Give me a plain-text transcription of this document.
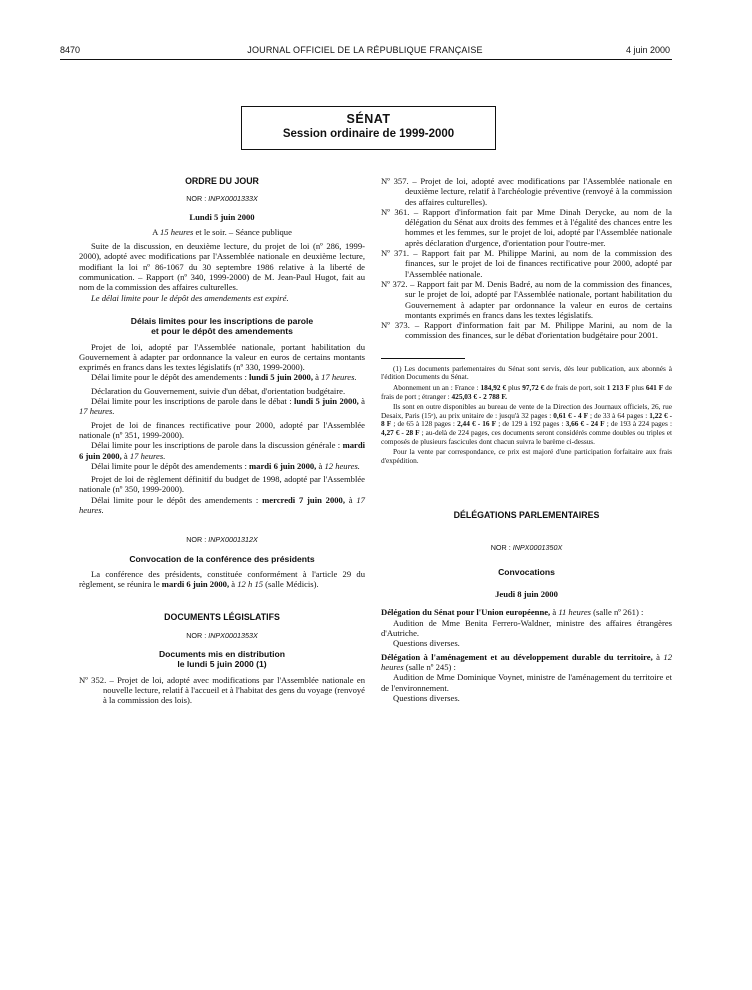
8470	JOURNAL OFFICIEL DE LA RÉPUBLIQUE FRANÇAISE	4 juin 2000
SÉNAT
Session ordinaire de 1999-2000

ORDRE DU JOUR

NOR : INPX0001333X

Lundi 5 juin 2000

A 15 heures et le soir. – Séance publique

Suite de la discussion, en deuxième lecture, du projet de loi (nº 286, 1999-2000), adopté avec modifications par l'Assemblée nationale en deuxième lecture, modifiant la loi nº 86-1067 du 30 septembre 1986 relative à la liberté de communication. – Rapport (nº 340, 1999-2000) de M. Jean-Paul Hugot, fait au nom de la commission des affaires culturelles.

Le délai limite pour le dépôt des amendements est expiré.

Délais limites pour les inscriptions de parole
et pour le dépôt des amendements

Projet de loi, adopté par l'Assemblée nationale, portant habilitation du Gouvernement à adapter par ordonnance la valeur en euros de certains montants exprimés en francs dans les textes législatifs (nº 330, 1999-2000).

Délai limite pour le dépôt des amendements : lundi 5 juin 2000, à 17 heures.

Déclaration du Gouvernement, suivie d'un débat, d'orientation budgétaire.

Délai limite pour les inscriptions de parole dans le débat : lundi 5 juin 2000, à 17 heures.

Projet de loi de finances rectificative pour 2000, adopté par l'Assemblée nationale (nº 351, 1999-2000).

Délai limite pour les inscriptions de parole dans la discussion générale : mardi 6 juin 2000, à 17 heures.

Délai limite pour le dépôt des amendements : mardi 6 juin 2000, à 12 heures.

Projet de loi de règlement définitif du budget de 1998, adopté par l'Assemblée nationale (nº 350, 1999-2000).

Délai limite pour le dépôt des amendements : mercredi 7 juin 2000, à 17 heures.

NOR : INPX0001312X

Convocation de la conférence des présidents

La conférence des présidents, constituée conformément à l'article 29 du règlement, se réunira le mardi 6 juin 2000, à 12 h 15 (salle Médicis).

DOCUMENTS LÉGISLATIFS

NOR : INPX0001353X

Documents mis en distribution
le lundi 5 juin 2000 (1)

Nº 352. – Projet de loi, adopté avec modifications par l'Assemblée nationale en nouvelle lecture, relatif à l'accueil et à l'habitat des gens du voyage (renvoyé à la commission des lois).

Nº 357. – Projet de loi, adopté avec modifications par l'Assemblée nationale en deuxième lecture, relatif à l'archéologie préventive (renvoyé à la commission des affaires culturelles).

Nº 361. – Rapport d'information fait par Mme Dinah Derycke, au nom de la délégation du Sénat aux droits des femmes et à l'égalité des chances entre les hommes et les femmes, sur le projet de loi, adopté par l'Assemblée nationale après déclaration d'urgence, d'orientation pour l'outre-mer.

Nº 371. – Rapport fait par M. Philippe Marini, au nom de la commission des finances, sur le projet de loi de finances rectificative pour 2000, adopté par l'Assemblée nationale.

Nº 372. – Rapport fait par M. Denis Badré, au nom de la commission des finances, sur le projet de loi, adopté par l'Assemblée nationale, portant habilitation du Gouvernement à adapter par ordonnance la valeur en euros de certains montants exprimés en francs dans les textes législatifs.

Nº 373. – Rapport d'information fait par M. Philippe Marini, au nom de la commission des finances, sur le débat d'orientation budgétaire pour 2001.

(1) Les documents parlementaires du Sénat sont servis, dès leur publication, aux abonnés à l'édition Documents du Sénat.

Abonnement un an : France : 184,92 € plus 97,72 € de frais de port, soit 1 213 F plus 641 F de frais de port ; étranger : 425,03 € - 2 788 F.

Ils sont en outre disponibles au bureau de vente de la Direction des Journaux officiels, 26, rue Desaix, Paris (15ᵉ), au prix unitaire de : jusqu'à 32 pages : 0,61 € - 4 F ; de 33 à 64 pages : 1,22 € - 8 F ; de 65 à 128 pages : 2,44 € - 16 F ; de 129 à 192 pages : 3,66 € - 24 F ; de 193 à 224 pages : 4,27 € - 28 F ; au-delà de 224 pages, ces documents seront considérés comme doubles ou triples et composés de plusieurs fascicules dont chacun suivra le barème ci-dessus.

Pour la vente par correspondance, ce prix est majoré d'une participation forfaitaire aux frais d'expédition.

DÉLÉGATIONS PARLEMENTAIRES

NOR : INPX0001350X

Convocations

Jeudi 8 juin 2000

Délégation du Sénat pour l'Union européenne, à 11 heures (salle nº 261) :

Audition de Mme Benita Ferrero-Waldner, ministre des affaires étrangères d'Autriche.

Questions diverses.

Délégation à l'aménagement et au développement durable du territoire, à 12 heures (salle nº 245) :

Audition de Mme Dominique Voynet, ministre de l'aménagement du territoire et de l'environnement.

Questions diverses.
